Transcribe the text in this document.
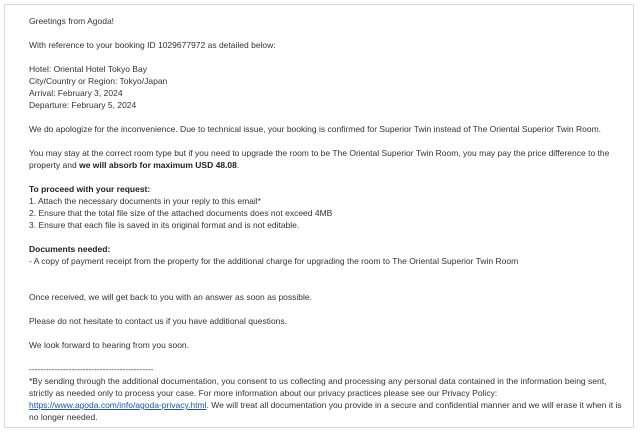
Greetings from Agoda!
With reference to your booking ID 1029677972 as detailed below:
Hotel: Oriental Hotel Tokyo Bay
City/Country or Region: Tokyo/Japan
Arrival: February 3, 2024
Departure: February 5, 2024
We do apologize for the inconvenience. Due to technical issue, your booking is confirmed for Superior Twin instead of The Oriental Superior Twin Room.
You may stay at the correct room type but if you need to upgrade the room to be The Oriental Superior Twin Room, you may pay the price difference to the property and we will absorb for maximum USD 48.08.
To proceed with your request:
1. Attach the necessary documents in your reply to this email*
2. Ensure that the total file size of the attached documents does not exceed 4MB
3. Ensure that each file is saved in its original format and is not editable.
Documents needed:
- A copy of payment receipt from the property for the additional charge for upgrading the room to The Oriental Superior Twin Room
Once received, we will get back to you with an answer as soon as possible.
Please do not hesitate to contact us if you have additional questions.
We look forward to hearing from you soon.
--------------------------------------------
*By sending through the additional documentation, you consent to us collecting and processing any personal data contained in the information being sent, strictly as needed only to process your case. For more information about our privacy practices please see our Privacy Policy: https://www.agoda.com/info/agoda-privacy.html. We will treat all documentation you provide in a secure and confidential manner and we will erase it when it is no longer needed.
